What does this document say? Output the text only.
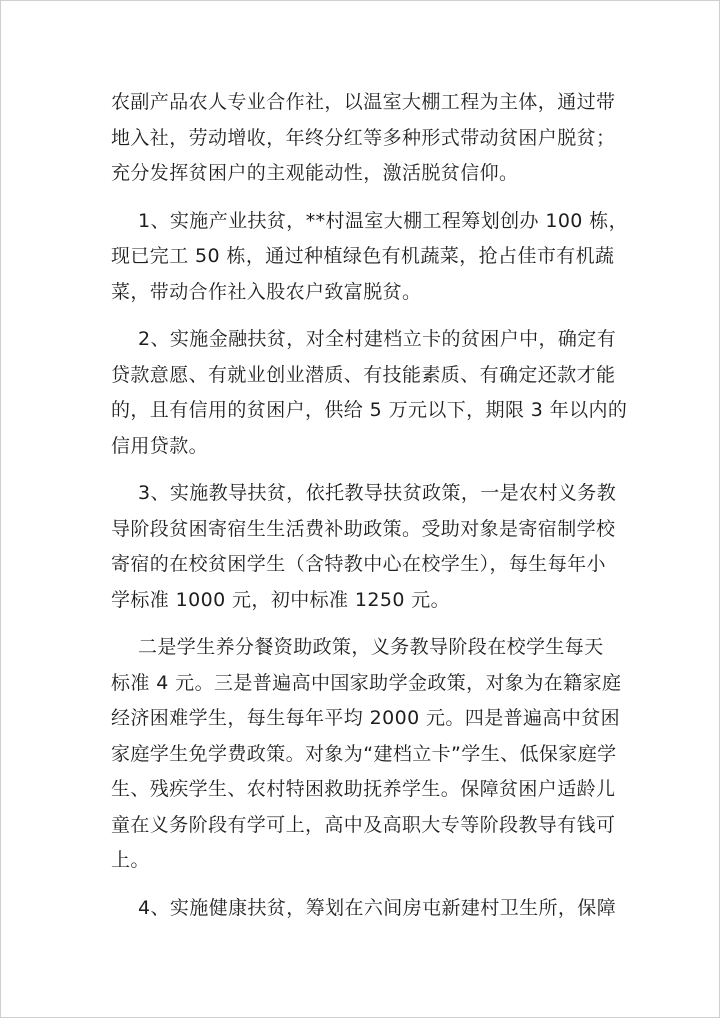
农副产品农人专业合作社，以温室大棚工程为主体，通过带
地入社，劳动增收，年终分红等多种形式带动贫困户脱贫；
充分发挥贫困户的主观能动性，激活脱贫信仰。
1、实施产业扶贫，**村温室大棚工程筹划创办 100 栋，
现已完工 50 栋，通过种植绿色有机蔬菜，抢占佳市有机蔬
菜，带动合作社入股农户致富脱贫。
2、实施金融扶贫，对全村建档立卡的贫困户中，确定有
贷款意愿、有就业创业潜质、有技能素质、有确定还款才能
的，且有信用的贫困户，供给 5 万元以下，期限 3 年以内的
信用贷款。
3、实施教导扶贫，依托教导扶贫政策，一是农村义务教
导阶段贫困寄宿生生活费补助政策。受助对象是寄宿制学校
寄宿的在校贫困学生（含特教中心在校学生），每生每年小
学标准 1000 元，初中标准 1250 元。
二是学生养分餐资助政策，义务教导阶段在校学生每天
标准 4 元。三是普遍高中国家助学金政策，对象为在籍家庭
经济困难学生，每生每年平均 2000 元。四是普遍高中贫困
家庭学生免学费政策。对象为“建档立卡”学生、低保家庭学
生、残疾学生、农村特困救助抚养学生。保障贫困户适龄儿
童在义务阶段有学可上，高中及高职大专等阶段教导有钱可
上。
4、实施健康扶贫，筹划在六间房屯新建村卫生所，保障
